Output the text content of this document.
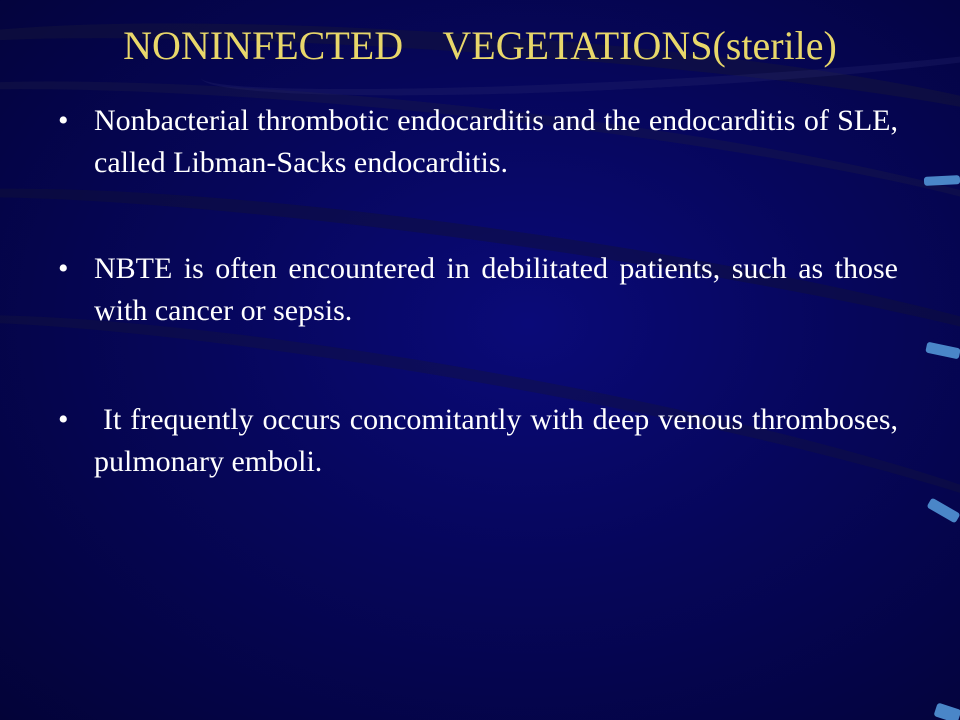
NONINFECTED    VEGETATIONS(sterile)
• Nonbacterial thrombotic endocarditis and the endocarditis of SLE, called Libman-Sacks endocarditis.
• NBTE is often encountered in debilitated patients, such as those with cancer or sepsis.
• It frequently occurs concomitantly with deep venous thromboses, pulmonary emboli.
